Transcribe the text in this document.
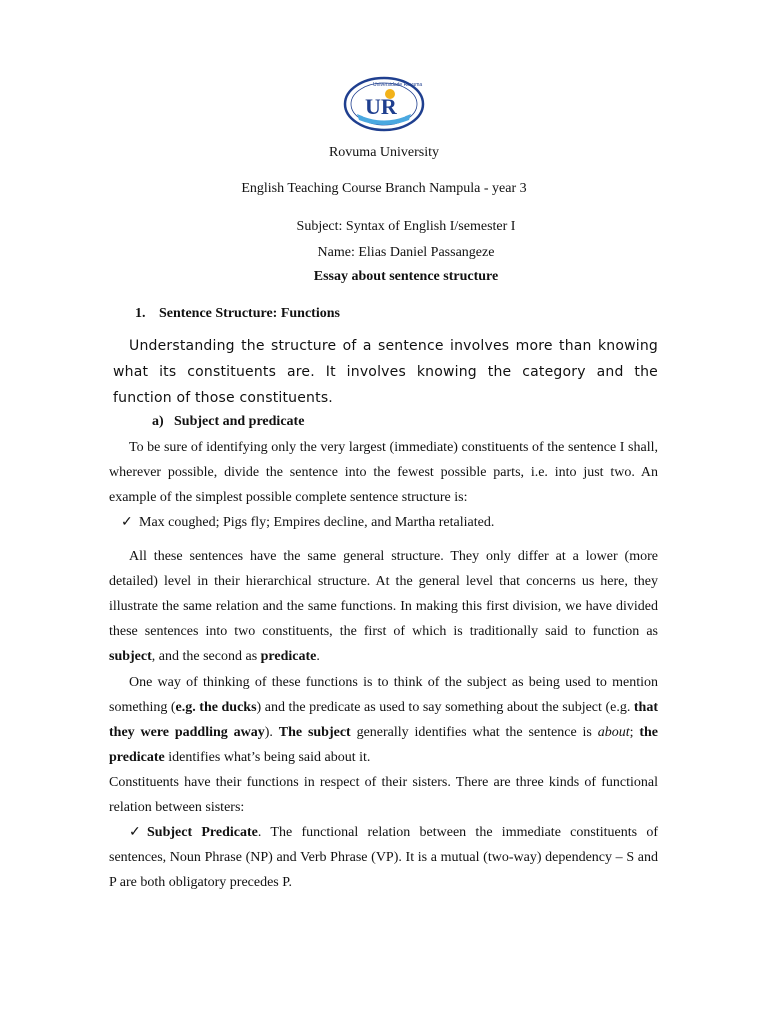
UR
Universidade Rovuma
Rovuma University
English Teaching Course Branch Nampula - year 3
Subject: Syntax of English I/semester I
Name: Elias Daniel Passangeze
Essay about sentence structure
1. Sentence Structure: Functions

Understanding the structure of a sentence involves more than knowing what its constituents are. It involves knowing the category and the function of those constituents.

a) Subject and predicate

To be sure of identifying only the very largest (immediate) constituents of the sentence I shall, wherever possible, divide the sentence into the fewest possible parts, i.e. into just two. An example of the simplest possible complete sentence structure is:

✓ Max coughed; Pigs fly; Empires decline, and Martha retaliated.

All these sentences have the same general structure. They only differ at a lower (more detailed) level in their hierarchical structure. At the general level that concerns us here, they illustrate the same relation and the same functions. In making this first division, we have divided these sentences into two constituents, the first of which is traditionally said to function as subject, and the second as predicate.

One way of thinking of these functions is to think of the subject as being used to mention something (e.g. the ducks) and the predicate as used to say something about the subject (e.g. that they were paddling away). The subject generally identifies what the sentence is about; the predicate identifies what’s being said about it.

Constituents have their functions in respect of their sisters. There are three kinds of functional relation between sisters:

✓ Subject Predicate. The functional relation between the immediate constituents of sentences, Noun Phrase (NP) and Verb Phrase (VP). It is a mutual (two-way) dependency – S and P are both obligatory precedes P.
